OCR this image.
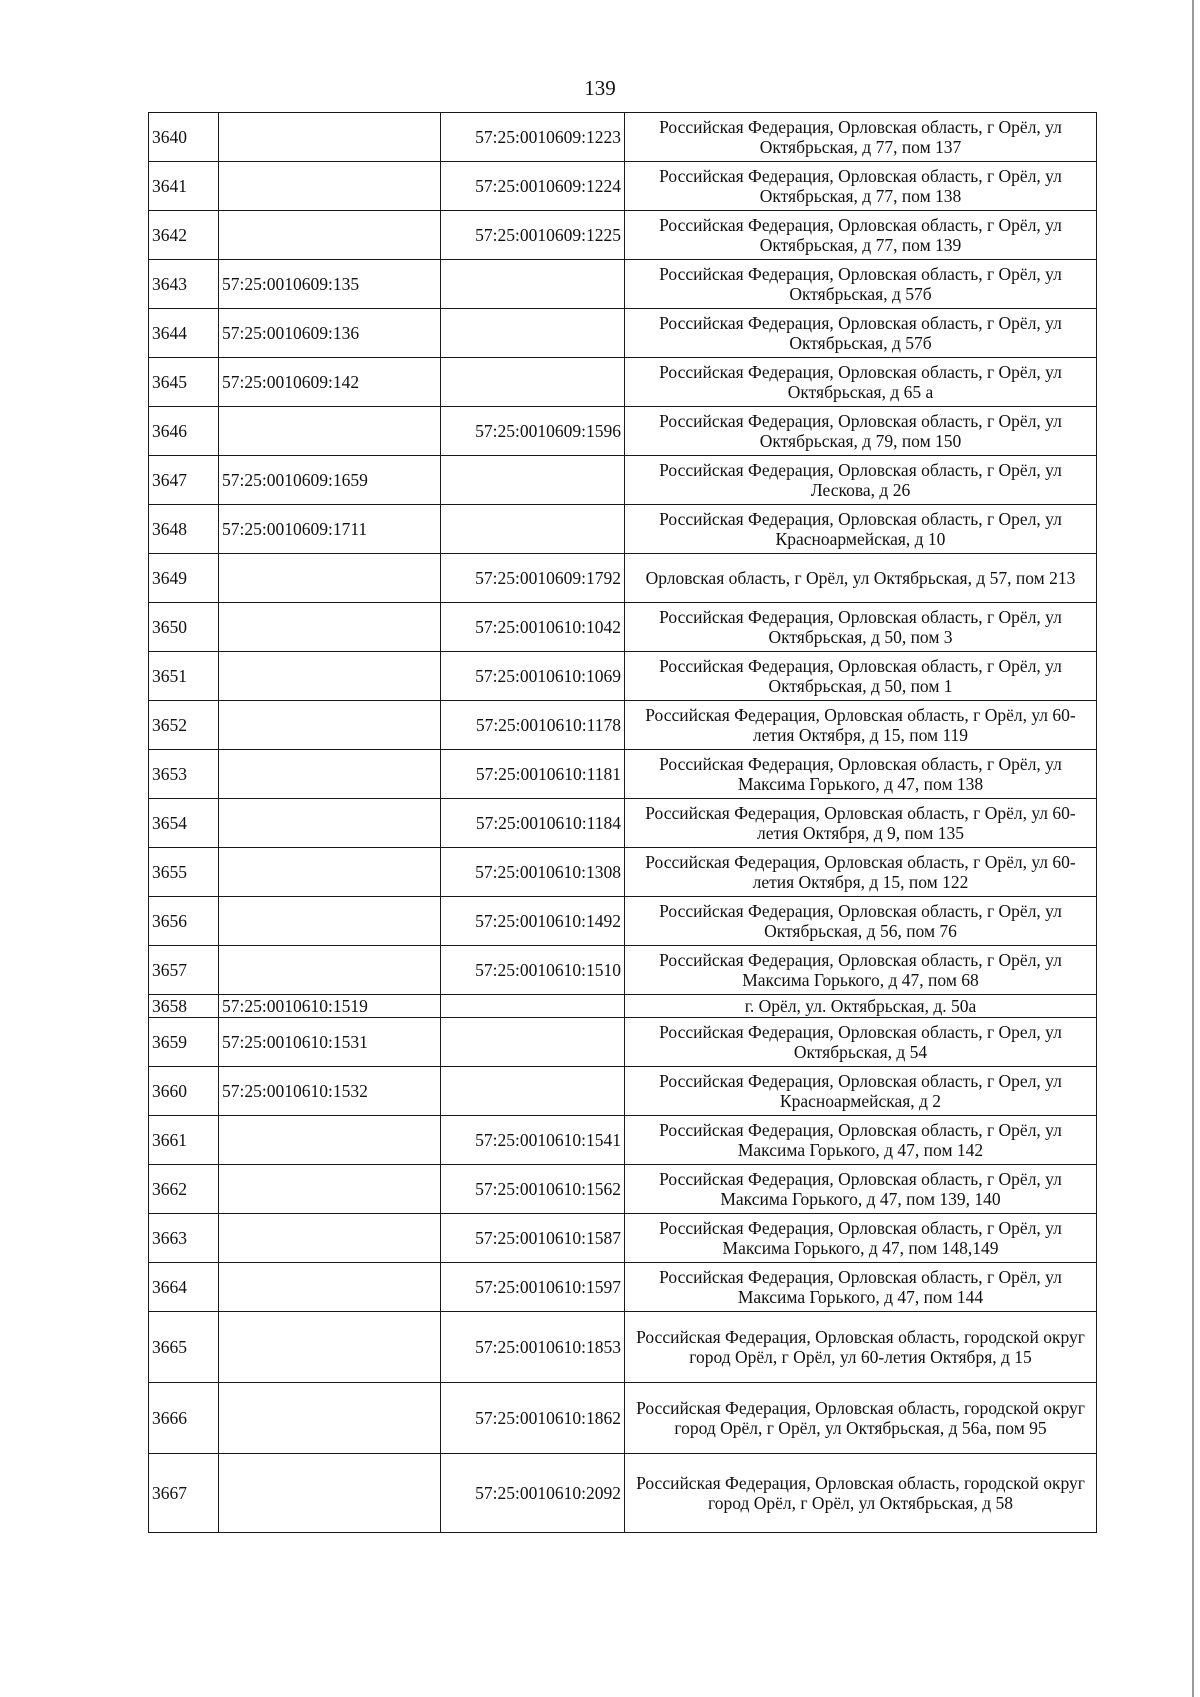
139
3640		57:25:0010609:1223	Российская Федерация, Орловская область, г Орёл, ул Октябрьская, д 77, пом 137
3641		57:25:0010609:1224	Российская Федерация, Орловская область, г Орёл, ул Октябрьская, д 77, пом 138
3642		57:25:0010609:1225	Российская Федерация, Орловская область, г Орёл, ул Октябрьская, д 77, пом 139
3643	57:25:0010609:135		Российская Федерация, Орловская область, г Орёл, ул Октябрьская, д 57б
3644	57:25:0010609:136		Российская Федерация, Орловская область, г Орёл, ул Октябрьская, д 57б
3645	57:25:0010609:142		Российская Федерация, Орловская область, г Орёл, ул Октябрьская, д 65 а
3646		57:25:0010609:1596	Российская Федерация, Орловская область, г Орёл, ул Октябрьская, д 79, пом 150
3647	57:25:0010609:1659		Российская Федерация, Орловская область, г Орёл, ул Лескова, д 26
3648	57:25:0010609:1711		Российская Федерация, Орловская область, г Орел, ул Красноармейская, д 10
3649		57:25:0010609:1792	Орловская область, г Орёл, ул Октябрьская, д 57, пом 213
3650		57:25:0010610:1042	Российская Федерация, Орловская область, г Орёл, ул Октябрьская, д 50, пом 3
3651		57:25:0010610:1069	Российская Федерация, Орловская область, г Орёл, ул Октябрьская, д 50, пом 1
3652		57:25:0010610:1178	Российская Федерация, Орловская область, г Орёл, ул 60-летия Октября, д 15, пом 119
3653		57:25:0010610:1181	Российская Федерация, Орловская область, г Орёл, ул Максима Горького, д 47, пом 138
3654		57:25:0010610:1184	Российская Федерация, Орловская область, г Орёл, ул 60-летия Октября, д 9, пом 135
3655		57:25:0010610:1308	Российская Федерация, Орловская область, г Орёл, ул 60-летия Октября, д 15, пом 122
3656		57:25:0010610:1492	Российская Федерация, Орловская область, г Орёл, ул Октябрьская, д 56, пом 76
3657		57:25:0010610:1510	Российская Федерация, Орловская область, г Орёл, ул Максима Горького, д 47, пом 68
3658	57:25:0010610:1519		г. Орёл, ул. Октябрьская, д. 50а
3659	57:25:0010610:1531		Российская Федерация, Орловская область, г Орел, ул Октябрьская, д 54
3660	57:25:0010610:1532		Российская Федерация, Орловская область, г Орел, ул Красноармейская, д 2
3661		57:25:0010610:1541	Российская Федерация, Орловская область, г Орёл, ул Максима Горького, д 47, пом 142
3662		57:25:0010610:1562	Российская Федерация, Орловская область, г Орёл, ул Максима Горького, д 47, пом 139, 140
3663		57:25:0010610:1587	Российская Федерация, Орловская область, г Орёл, ул Максима Горького, д 47, пом 148,149
3664		57:25:0010610:1597	Российская Федерация, Орловская область, г Орёл, ул Максима Горького, д 47, пом 144
3665		57:25:0010610:1853	Российская Федерация, Орловская область, городской округ город Орёл, г Орёл, ул 60-летия Октября, д 15
3666		57:25:0010610:1862	Российская Федерация, Орловская область, городской округ город Орёл, г Орёл, ул Октябрьская, д 56а, пом 95
3667		57:25:0010610:2092	Российская Федерация, Орловская область, городской округ город Орёл, г Орёл, ул Октябрьская, д 58
